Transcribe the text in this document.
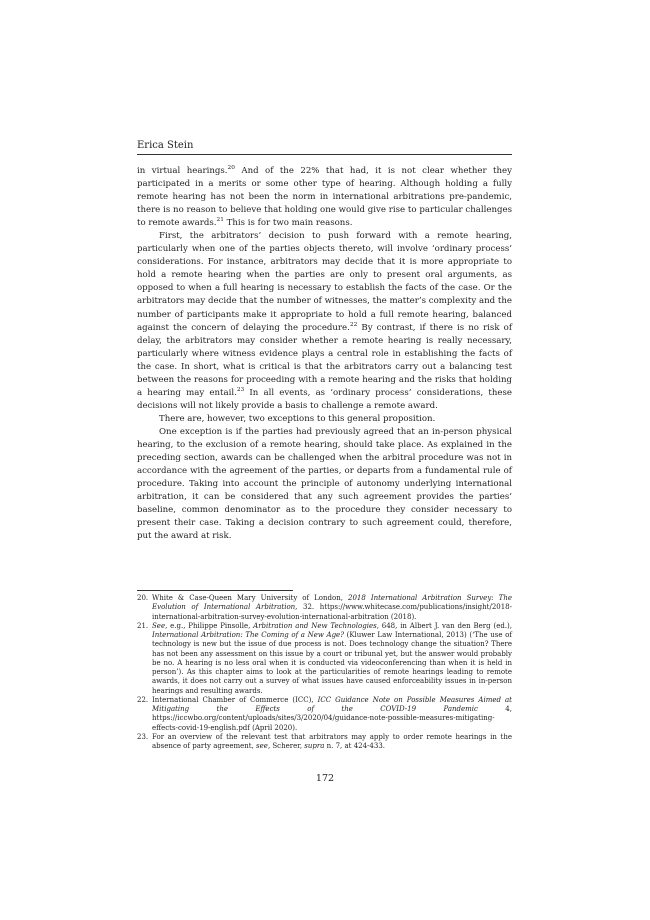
Erica Stein

in virtual hearings.$^{20}$ And of the 22% that had, it is not clear whether they participated in a merits or some other type of hearing. Although holding a fully remote hearing has not been the norm in international arbitrations pre-pandemic, there is no reason to believe that holding one would give rise to particular challenges to remote awards.$^{21}$ This is for two main reasons.

First, the arbitrators’ decision to push forward with a remote hearing, particularly when one of the parties objects thereto, will involve ‘ordinary process’ considerations. For instance, arbitrators may decide that it is more appropriate to hold a remote hearing when the parties are only to present oral arguments, as opposed to when a full hearing is necessary to establish the facts of the case. Or the arbitrators may decide that the number of witnesses, the matter’s complexity and the number of participants make it appropriate to hold a full remote hearing, balanced against the concern of delaying the procedure.$^{22}$ By contrast, if there is no risk of delay, the arbitrators may consider whether a remote hearing is really necessary, particularly where witness evidence plays a central role in establishing the facts of the case. In short, what is critical is that the arbitrators carry out a balancing test between the reasons for proceeding with a remote hearing and the risks that holding a hearing may entail.$^{23}$ In all events, as ‘ordinary process’ considerations, these decisions will not likely provide a basis to challenge a remote award.

There are, however, two exceptions to this general proposition.

One exception is if the parties had previously agreed that an in-person physical hearing, to the exclusion of a remote hearing, should take place. As explained in the preceding section, awards can be challenged when the arbitral procedure was not in accordance with the agreement of the parties, or departs from a fundamental rule of procedure. Taking into account the principle of autonomy underlying international arbitration, it can be considered that any such agreement provides the parties’ baseline, common denominator as to the procedure they consider necessary to present their case. Taking a decision contrary to such agreement could, therefore, put the award at risk.

20. White & Case-Queen Mary University of London, 2018 International Arbitration Survey: The Evolution of International Arbitration, 32. https://www.whitecase.com/publications/insight/2018-international-arbitration-survey-evolution-international-arbitration (2018).
21. See, e.g., Philippe Pinsolle, Arbitration and New Technologies, 648, in Albert J. van den Berg (ed.), International Arbitration: The Coming of a New Age? (Kluwer Law International, 2013) (‘The use of technology is new but the issue of due process is not. Does technology change the situation? There has not been any assessment on this issue by a court or tribunal yet, but the answer would probably be no. A hearing is no less oral when it is conducted via videoconferencing than when it is held in person’). As this chapter aims to look at the particularities of remote hearings leading to remote awards, it does not carry out a survey of what issues have caused enforceability issues in in-person hearings and resulting awards.
22. International Chamber of Commerce (ICC), ICC Guidance Note on Possible Measures Aimed at Mitigating the Effects of the COVID-19 Pandemic 4, https://iccwbo.org/content/uploads/sites/3/2020/04/guidance-note-possible-measures-mitigating-effects-covid-19-english.pdf (April 2020).
23. For an overview of the relevant test that arbitrators may apply to order remote hearings in the absence of party agreement, see, Scherer, supra n. 7, at 424-433.
172
